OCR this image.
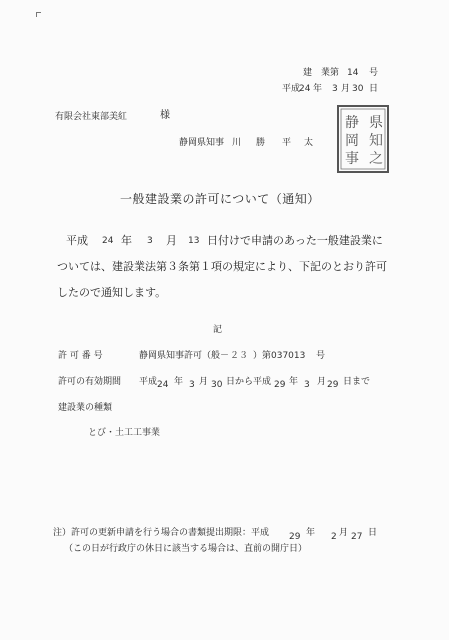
建　業 第 14 号
平成
24 年 3 月 30 日
有限会社東部美紅	様
静岡県知事 川 勝 平 太
県
知
之
静
岡
事
一般建設業の許可について（通知）
平成 24 年 3 月 13 日付けで申請のあった一般建設業に
ついては、建設業法第３条第１項の規定により、下記のとおり許可
したので通知します。
記
許 可 番 号	静岡県知事許可（般－ ２３ ）第 037013 号
許可の有効期間 平成 24 年 3 月 30 日から平成 29 年 3 月 29 日まで
建設業の種類
とび・土工工事業
注）許可の更新申請を行う場合の書類提出期限：平成 29 年 2 月 27 日
（この日が行政庁の休日に該当する場合は、直前の開庁日）
